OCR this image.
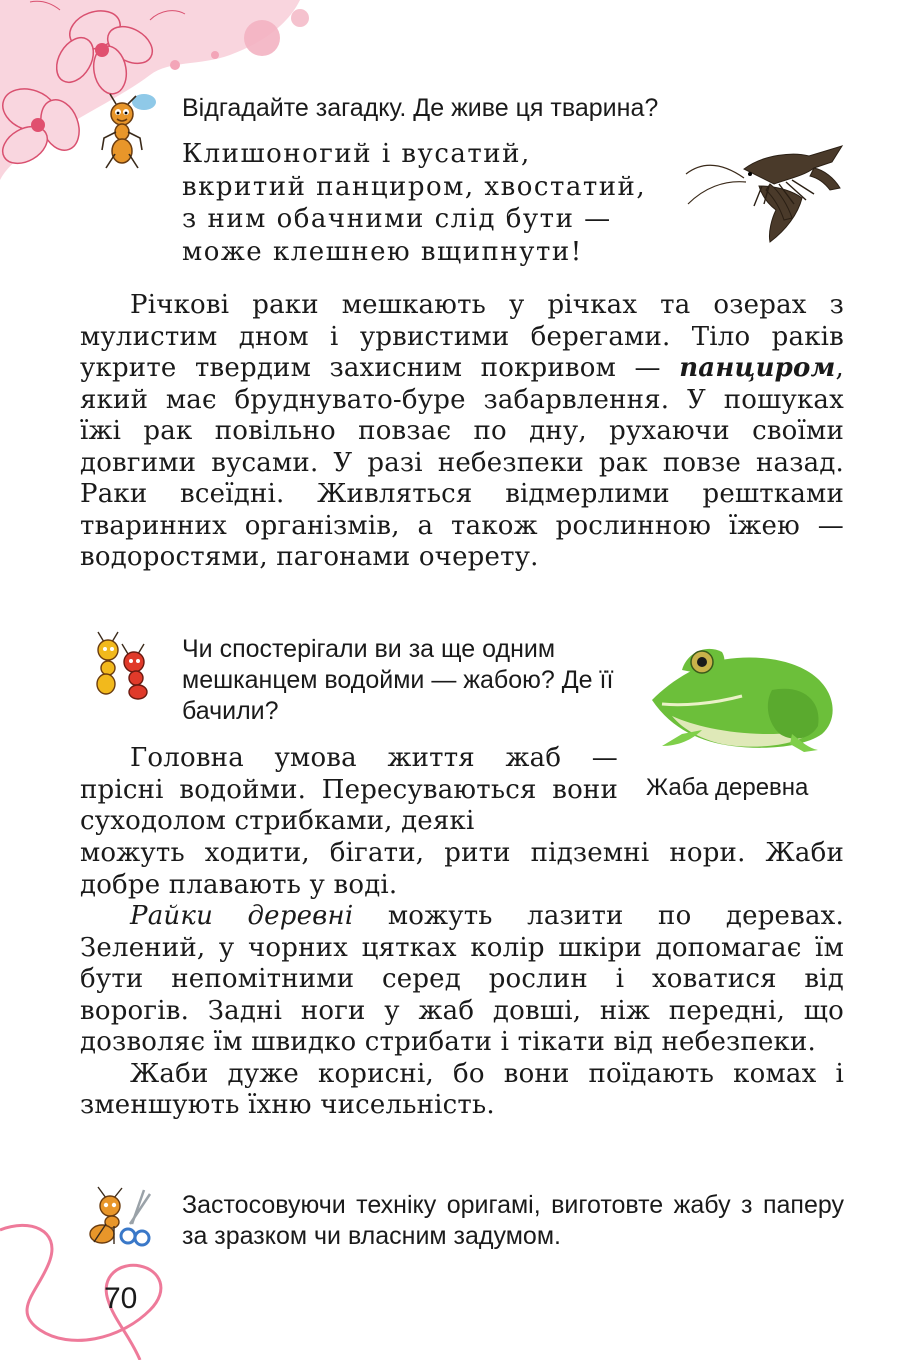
Відгадайте загадку. Де живе ця тварина?
Клишоногий і вусатий,
вкритий панциром, хвостатий,
з ним обачними слід бути —
може клешнею вщипнути!

Річкові раки мешкають у річках та озерах з мулистим дном і урвистими берегами. Тіло раків укрите твердим захисним покривом — панциром, який має бруднувато-буре забарвлення. У пошуках їжі рак повільно повзає по дну, рухаючи своїми довгими вусами. У разі небезпеки рак повзе назад. Раки всеїдні. Живляться відмерлими рештками тваринних організмів, а також рослинною їжею — водоростями, пагонами очерету.

Чи спостерігали ви за ще одним мешканцем водойми — жабою? Де її бачили?
Жаба деревна

Головна умова життя жаб — прісні водойми. Пересуваються вони суходолом стрибками, деякі

можуть ходити, бігати, рити підземні нори. Жаби добре плавають у воді.

Райки деревні можуть лазити по деревах. Зелений, у чорних цятках колір шкіри допомагає їм бути непомітними серед рослин і ховатися від ворогів. Задні ноги у жаб довші, ніж передні, що дозволяє їм швидко стрибати і тікати від небезпеки.

Жаби дуже корисні, бо вони поїдають комах і зменшують їхню чисельність.

Застосовуючи техніку оригамі, виготовте жабу з паперу за зразком чи власним задумом.
70
